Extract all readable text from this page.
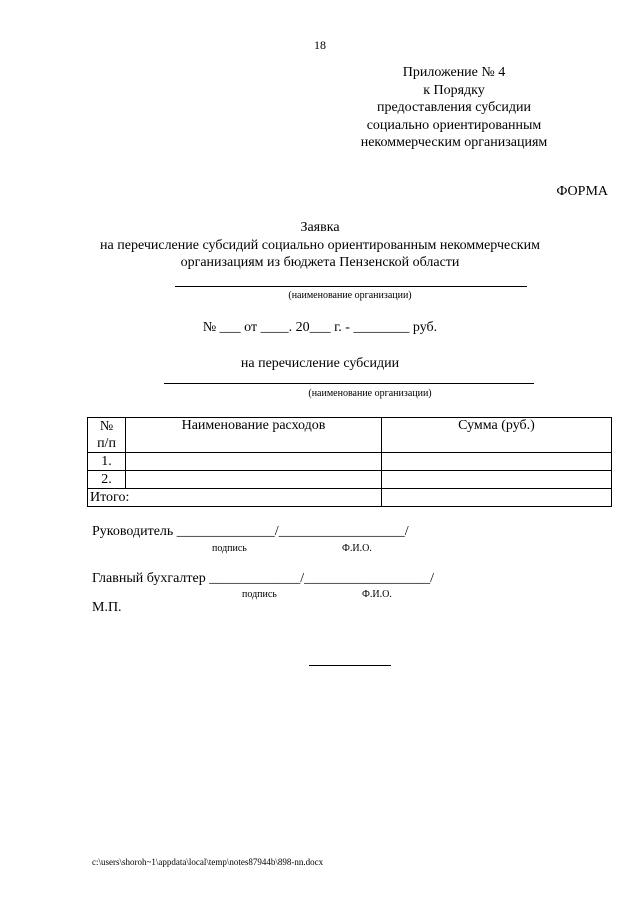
18
Приложение № 4
к Порядку
предоставления субсидии
социально ориентированным
некоммерческим организациям
ФОРМА
Заявка
на перечисление субсидий социально ориентированным некоммерческим
организациям из бюджета Пензенской области
(наименование организации)
№ ___ от ____. 20___ г. - ________ руб.
на перечисление субсидии
(наименование организации)
№
п/п	Наименование расходов	Сумма (руб.)
1.		
2.		
Итого:		
Руководитель ______________/__________________/
подпись	Ф.И.О.
Главный бухгалтер _____________/__________________/
подпись	Ф.И.О.
М.П.
c:\users\shoroh~1\appdata\local\temp\notes87944b\898-nn.docx
